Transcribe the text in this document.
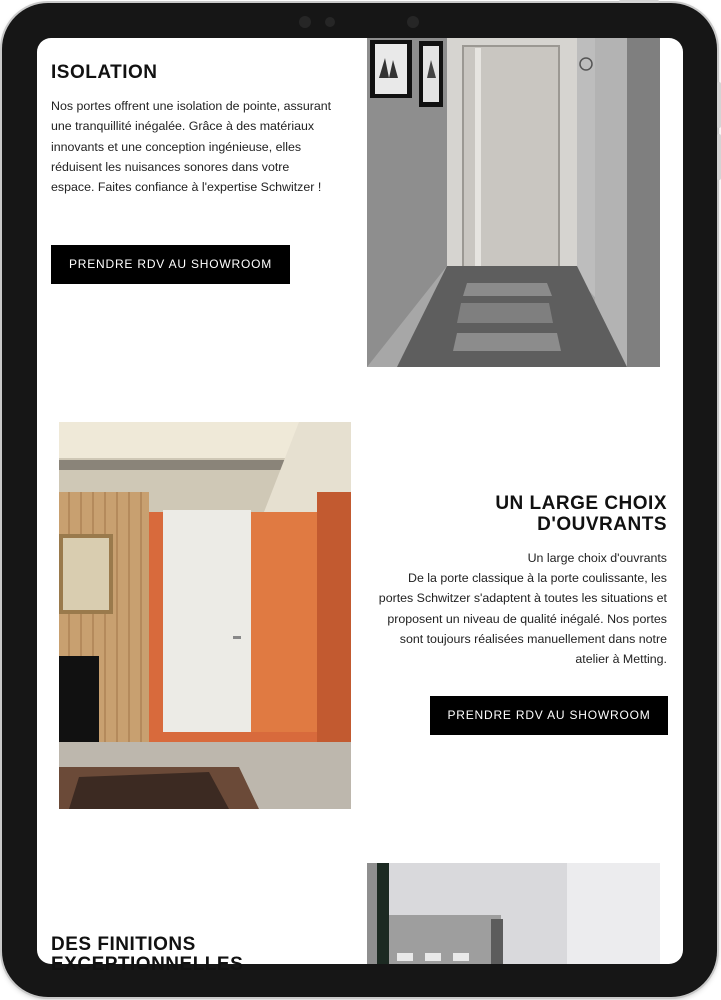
ISOLATION

Nos portes offrent une isolation de pointe, assurant une tranquillité inégalée. Grâce à des matériaux innovants et une conception ingénieuse, elles réduisent les nuisances sonores dans votre espace. Faites confiance à l'expertise Schwitzer !

PRENDRE RDV AU SHOWROOM
UN LARGE CHOIX
D'OUVRANTS
Un large choix d'ouvrants
De la porte classique à la porte coulissante, les portes Schwitzer s'adaptent à toutes les situations et proposent un niveau de qualité inégalé. Nos portes sont toujours réalisées manuellement dans notre atelier à Metting.
PRENDRE RDV AU SHOWROOM
DES FINITIONS
EXCEPTIONNELLES
